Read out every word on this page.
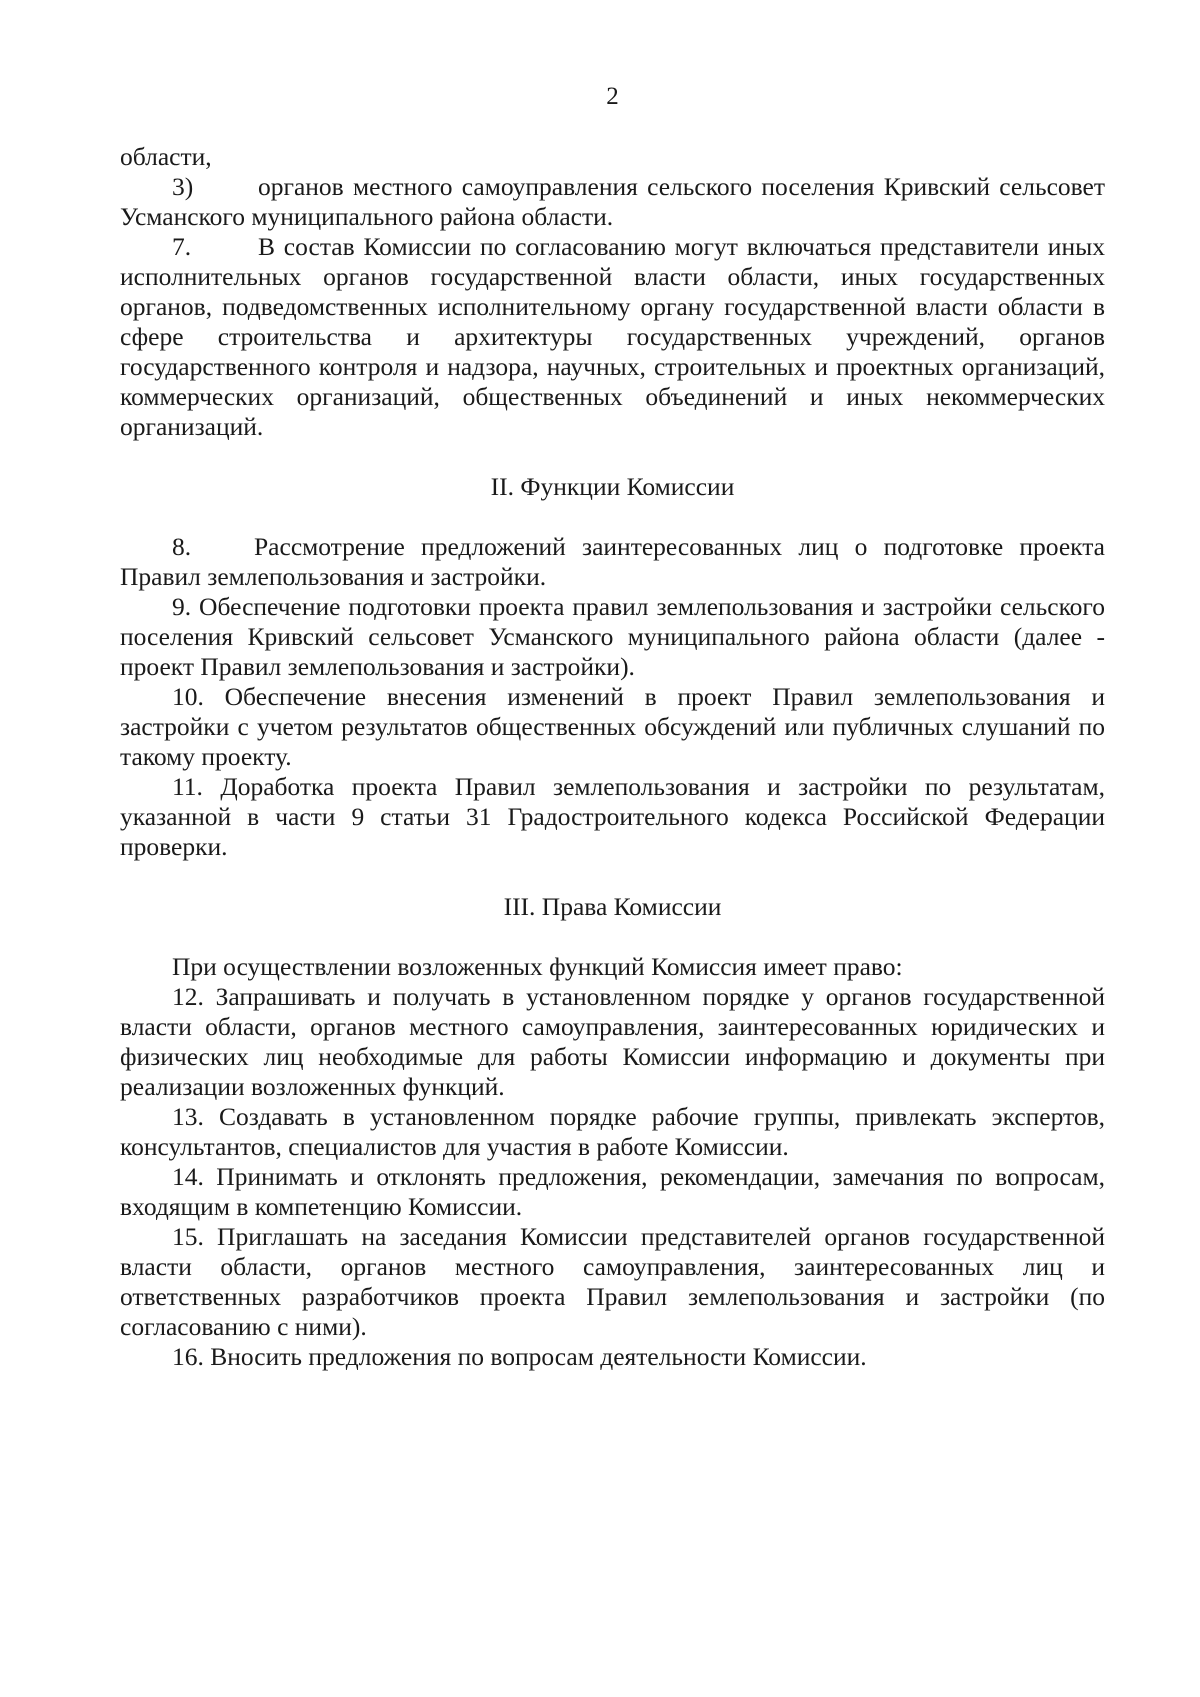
2

области,

3)	органов местного самоуправления сельского поселения Кривский сельсовет Усманского муниципального района области.

7.	В состав Комиссии по согласованию могут включаться представители иных исполнительных органов государственной власти области, иных государственных органов, подведомственных исполнительному органу государственной власти области в сфере строительства и архитектуры государственных учреждений, органов государственного контроля и надзора, научных, строительных и проектных организаций, коммерческих организаций, общественных объединений и иных некоммерческих организаций.

II. Функции Комиссии

8. Рассмотрение предложений заинтересованных лиц о подготовке проекта Правил землепользования и застройки.

9. Обеспечение подготовки проекта правил землепользования и застройки сельского поселения Кривский сельсовет Усманского муниципального района области (далее - проект Правил землепользования и застройки).

10. Обеспечение внесения изменений в проект Правил землепользования и застройки с учетом результатов общественных обсуждений или публичных слушаний по такому проекту.

11. Доработка проекта Правил землепользования и застройки по результатам, указанной в части 9 статьи 31 Градостроительного кодекса Российской Федерации проверки.

III. Права Комиссии

При осуществлении возложенных функций Комиссия имеет право:

12. Запрашивать и получать в установленном порядке у органов государственной власти области, органов местного самоуправления, заинтересованных юридических и физических лиц необходимые для работы Комиссии информацию и документы при реализации возложенных функций.

13. Создавать в установленном порядке рабочие группы, привлекать экспертов, консультантов, специалистов для участия в работе Комиссии.

14. Принимать и отклонять предложения, рекомендации, замечания по вопросам, входящим в компетенцию Комиссии.

15. Приглашать на заседания Комиссии представителей органов государственной власти области, органов местного самоуправления, заинтересованных лиц и ответственных разработчиков проекта Правил землепользования и застройки (по согласованию с ними).

16. Вносить предложения по вопросам деятельности Комиссии.
